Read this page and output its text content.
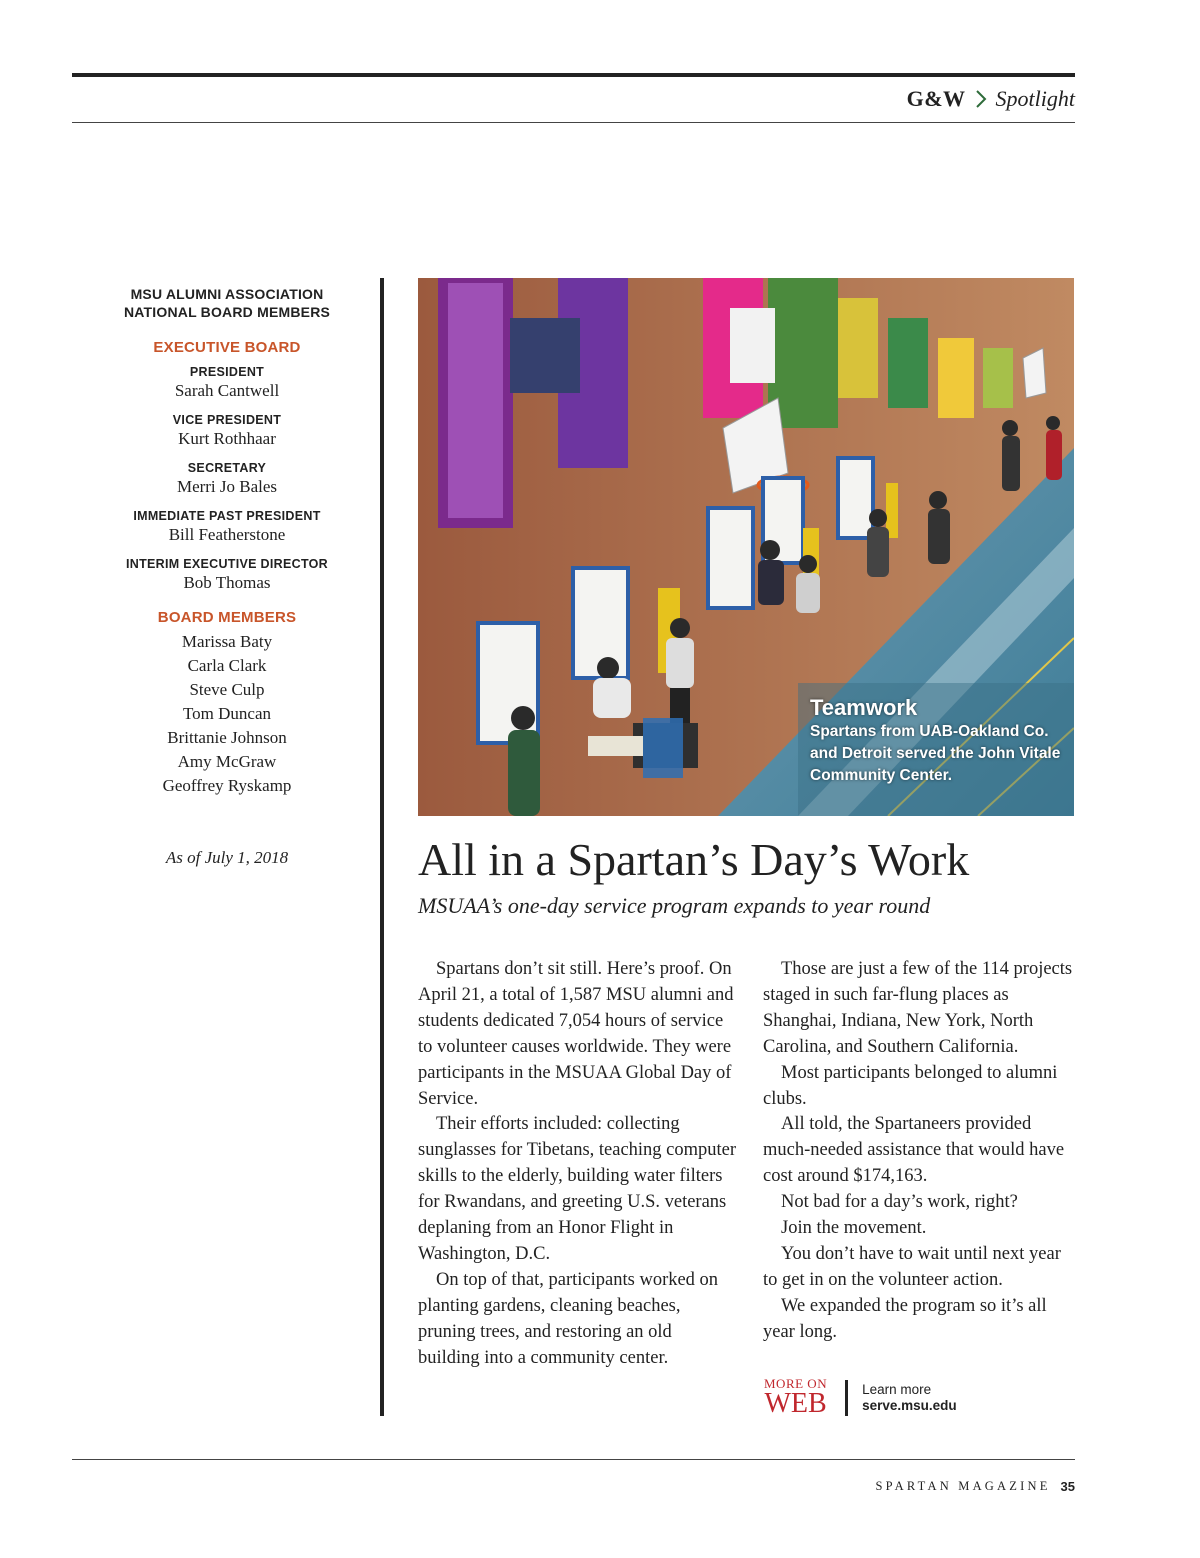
G&W Spotlight
MSU ALUMNI ASSOCIATION
NATIONAL BOARD MEMBERS
EXECUTIVE BOARD
PRESIDENT
Sarah Cantwell
VICE PRESIDENT
Kurt Rothhaar
SECRETARY
Merri Jo Bales
IMMEDIATE PAST PRESIDENT
Bill Featherstone
INTERIM EXECUTIVE DIRECTOR
Bob Thomas
BOARD MEMBERS
Marissa Baty
Carla Clark
Steve Culp
Tom Duncan
Brittanie Johnson
Amy McGraw
Geoffrey Ryskamp
As of July 1, 2018
Teamwork
Spartans from UAB-Oakland Co. and Detroit served the John Vitale Community Center.
All in a Spartan’s Day’s Work
MSUAA’s one-day service program expands to year round

Spartans don’t sit still. Here’s proof. On April 21, a total of 1,587 MSU alumni and students dedicated 7,054 hours of service to volunteer causes worldwide. They were participants in the MSUAA Global Day of Service.

Their efforts included: collecting sunglasses for Tibetans, teaching computer skills to the elderly, building water filters for Rwandans, and greeting U.S. veterans deplaning from an Honor Flight in Washington, D.C.

On top of that, participants worked on planting gardens, cleaning beaches, pruning trees, and restoring an old building into a community center.

Those are just a few of the 114 projects staged in such far-flung places as Shanghai, Indiana, New York, North Carolina, and Southern California.

Most participants belonged to alumni clubs.

All told, the Spartaneers provided much-needed assistance that would have cost around $174,163.

Not bad for a day’s work, right?

Join the movement.

You don’t have to wait until next year to get in on the volunteer action.

We expanded the program so it’s all year long.

MORE ON
WEB	Learn more
serve.msu.edu
SPARTAN MAGAZINE 35
